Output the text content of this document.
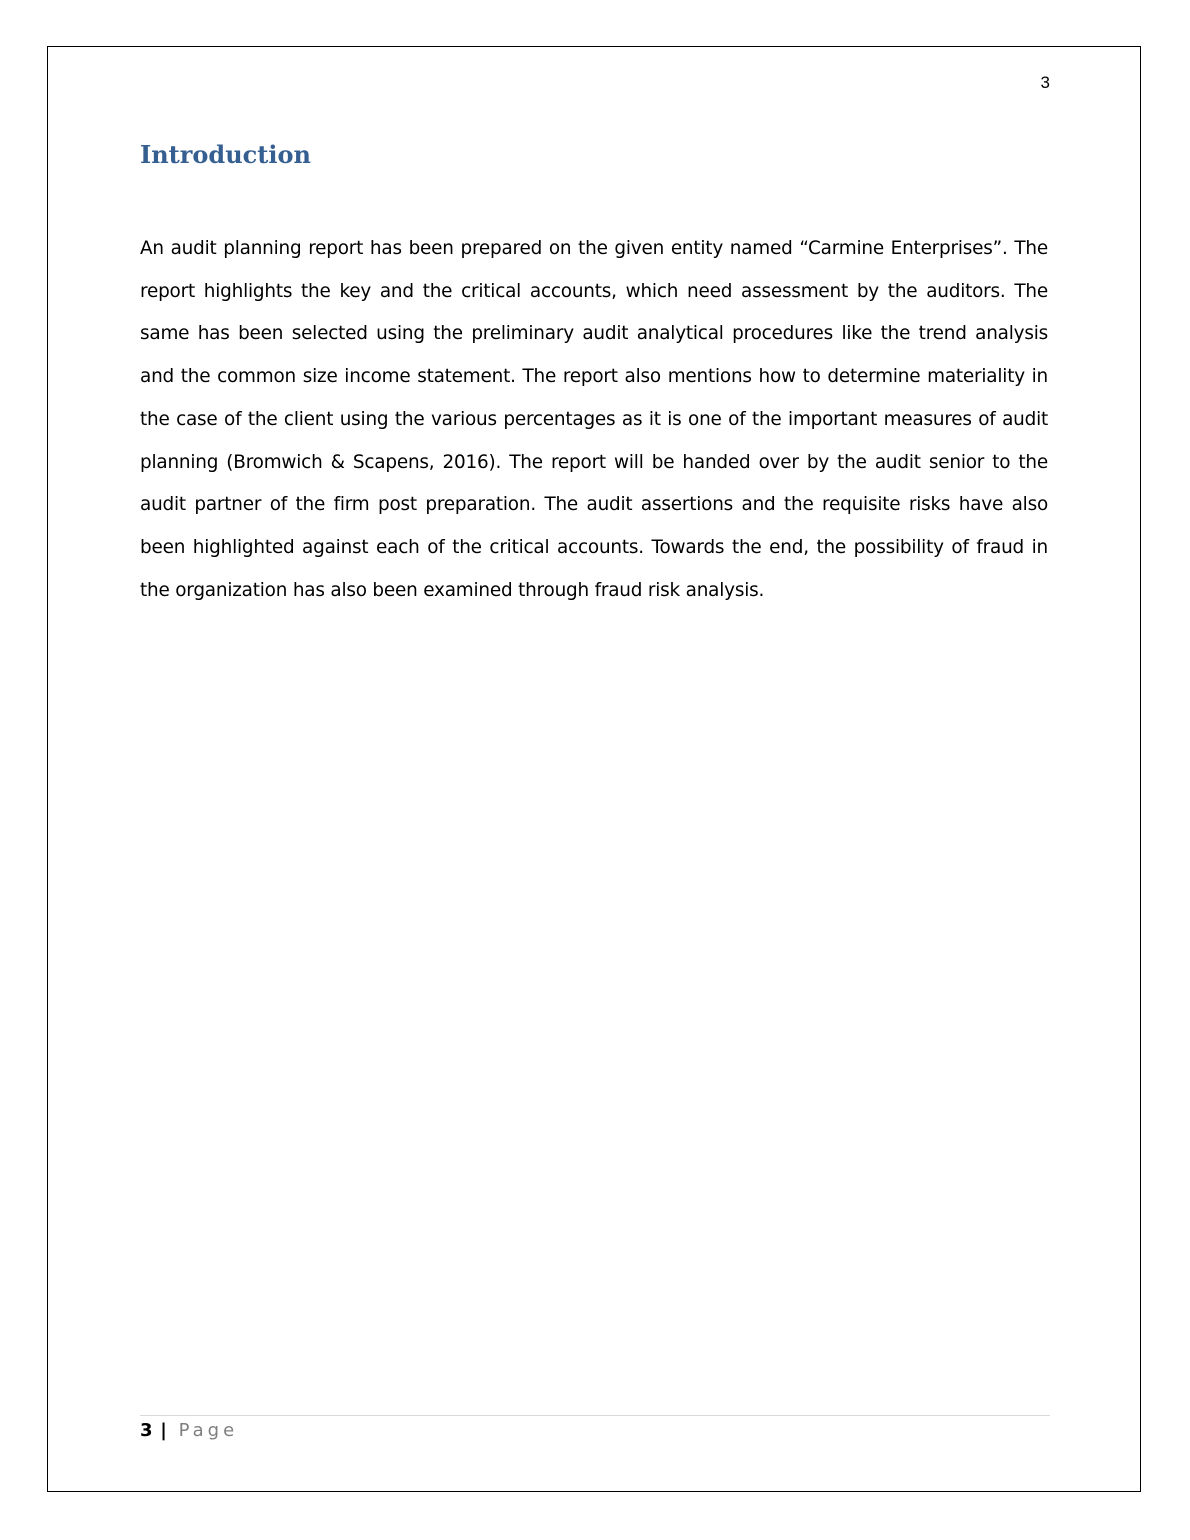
3
Introduction

An audit planning report has been prepared on the given entity named “Carmine Enterprises”. The report highlights the key and the critical accounts, which need assessment by the auditors. The same has been selected using the preliminary audit analytical procedures like the trend analysis and the common size income statement. The report also mentions how to determine materiality in the case of the client using the various percentages as it is one of the important measures of audit planning (Bromwich & Scapens, 2016). The report will be handed over by the audit senior to the audit partner of the firm post preparation. The audit assertions and the requisite risks have also been highlighted against each of the critical accounts. Towards the end, the possibility of fraud in the organization has also been examined through fraud risk analysis.

3 | Page
